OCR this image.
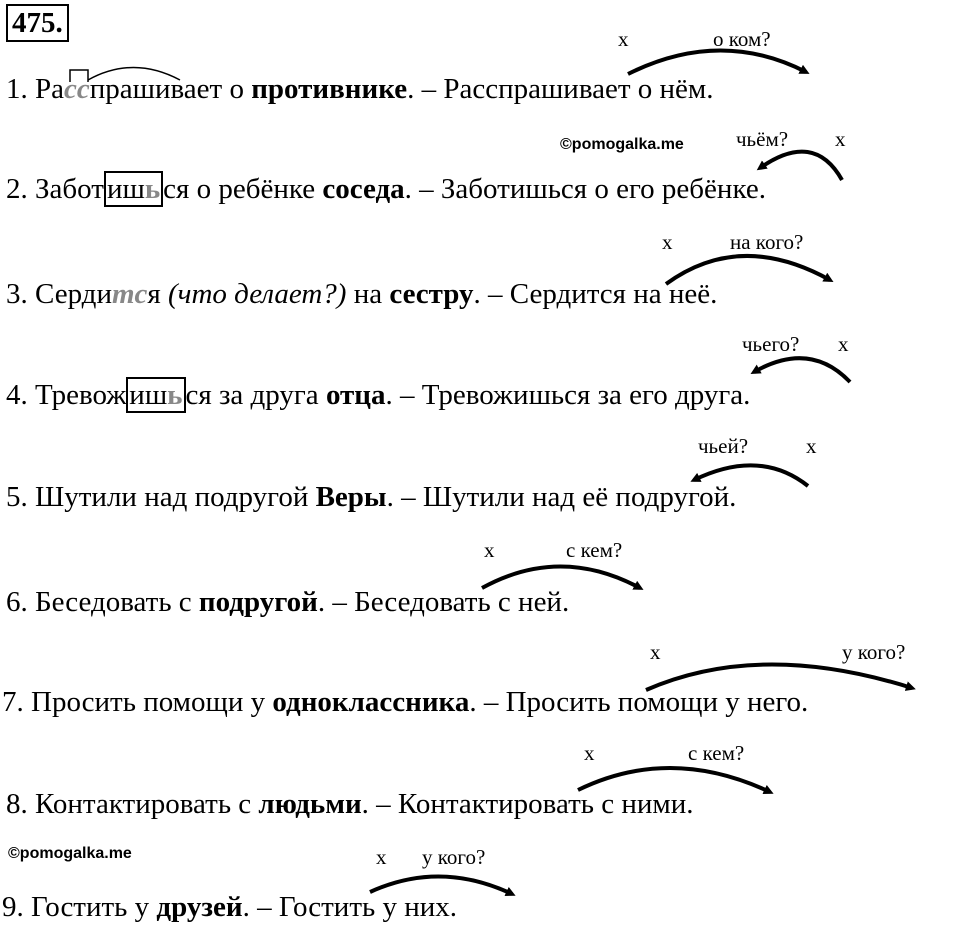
475.
©pomogalka.me
©pomogalka.me
1. Расспрашивает о противнике. – Расспрашивает о нём.
х	о ком?
2. Забот ишь ся о ребёнке соседа. – Заботишься о его ребёнке.
чьём? х
3. Сердится (что делает?) на сестру. – Сердится на неё.
х	на кого?
4. Тревож ишь ся за друга отца. – Тревожишься за его друга.
чьего? х
5. Шутили над подругой Веры. – Шутили над её подругой.
чьей?	х
6. Беседовать с подругой. – Беседовать с ней.
х	с кем?
7. Просить помощи у одноклассника. – Просить помощи у него.
х	у кого?
8. Контактировать с людьми. – Контактировать с ними.
х	с кем?
9. Гостить у друзей. – Гостить у них.
х у кого?
